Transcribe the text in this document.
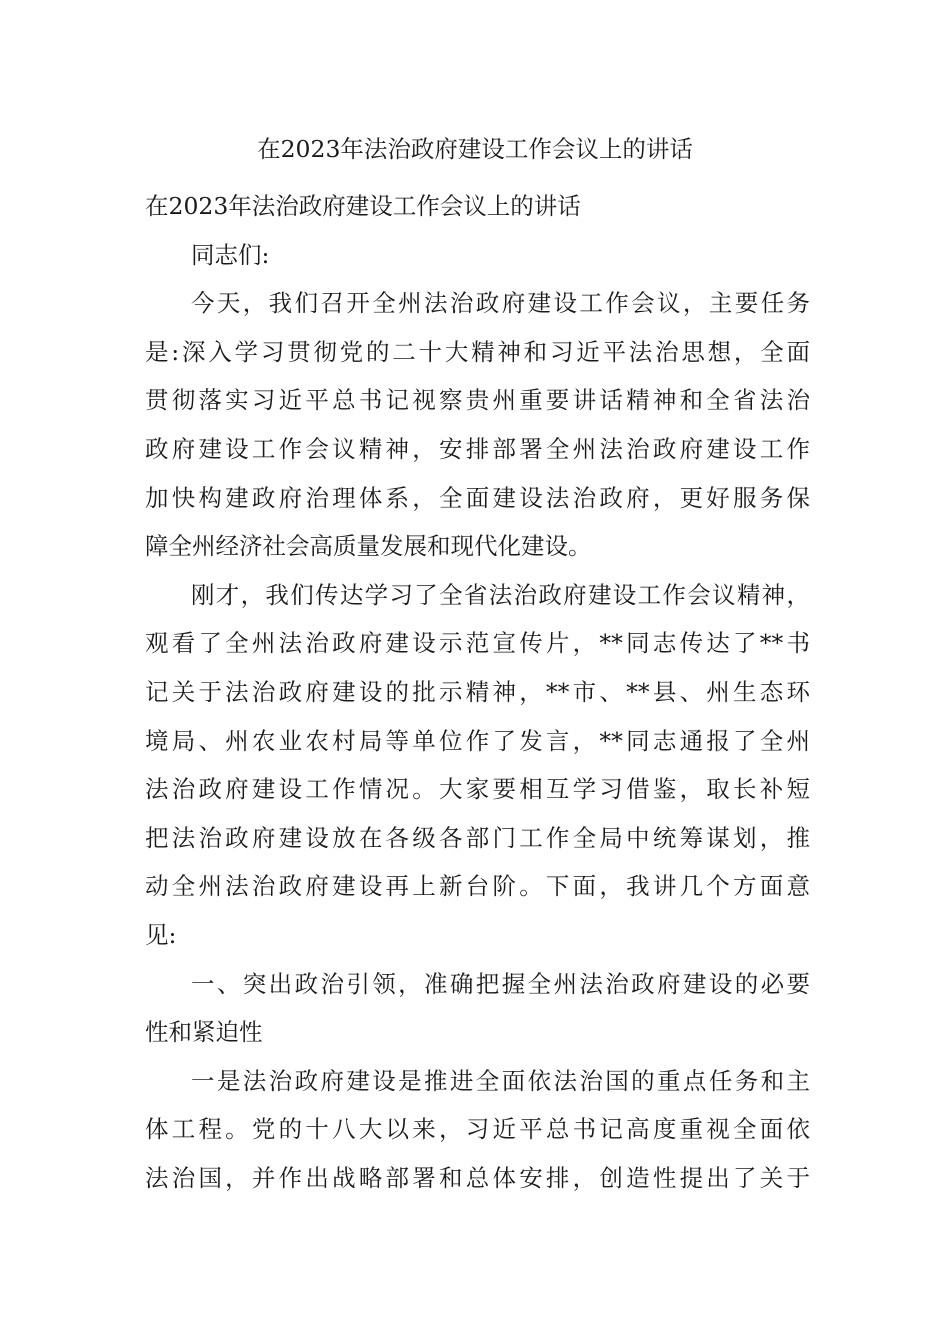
在2023年法治政府建设工作会议上的讲话
在2023年法治政府建设工作会议上的讲话
同志们:
今天，我们召开全州法治政府建设工作会议，主要任务
是:深入学习贯彻党的二十大精神和习近平法治思想，全面
贯彻落实习近平总书记视察贵州重要讲话精神和全省法治
政府建设工作会议精神，安排部署全州法治政府建设工作
加快构建政府治理体系，全面建设法治政府，更好服务保
障全州经济社会高质量发展和现代化建设。
刚才，我们传达学习了全省法治政府建设工作会议精神，
观看了全州法治政府建设示范宣传片，**同志传达了**书
记关于法治政府建设的批示精神，**市、**县、州生态环
境局、州农业农村局等单位作了发言，**同志通报了全州
法治政府建设工作情况。大家要相互学习借鉴，取长补短
把法治政府建设放在各级各部门工作全局中统筹谋划，推
动全州法治政府建设再上新台阶。下面，我讲几个方面意
见:
一、突出政治引领，准确把握全州法治政府建设的必要
性和紧迫性
一是法治政府建设是推进全面依法治国的重点任务和主
体工程。党的十八大以来，习近平总书记高度重视全面依
法治国，并作出战略部署和总体安排，创造性提出了关于
